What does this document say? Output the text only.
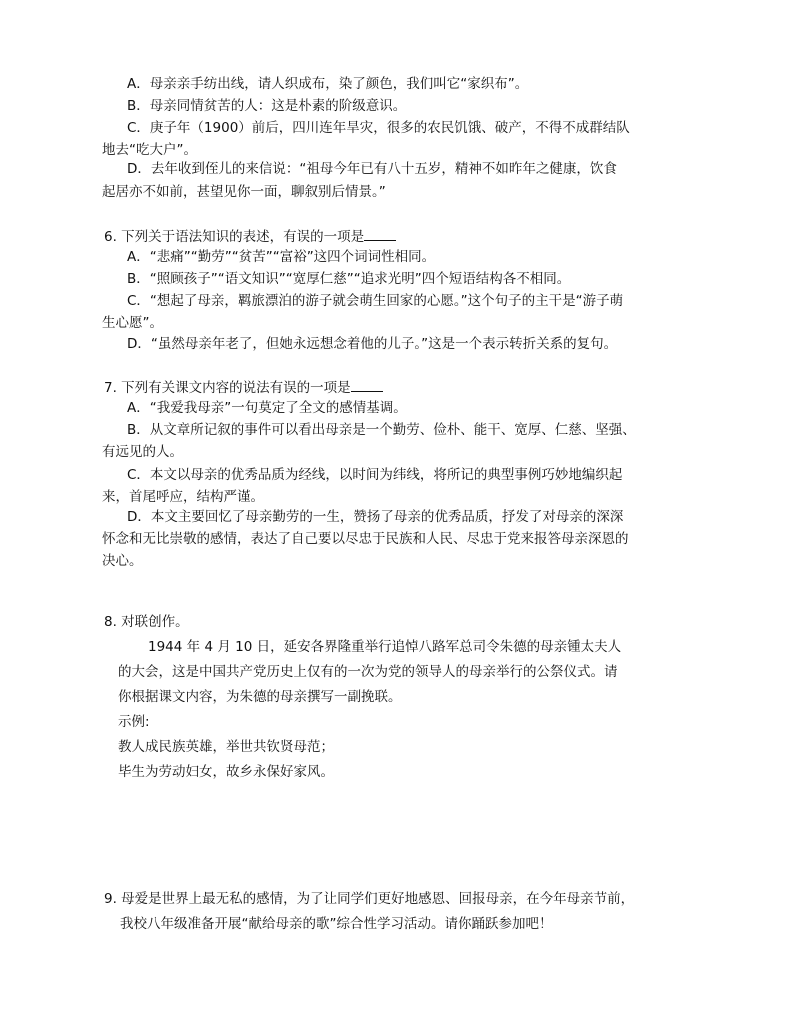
A．母亲亲手纺出线，请人织成布，染了颜色，我们叫它“家织布”。
B．母亲同情贫苦的人：这是朴素的阶级意识。
C．庚子年（1900）前后，四川连年旱灾，很多的农民饥饿、破产，不得不成群结队
地去“吃大户”。
D．去年收到侄儿的来信说：“祖母今年已有八十五岁，精神不如昨年之健康，饮食
起居亦不如前，甚望见你一面，聊叙别后情景。”
6. 下列关于语法知识的表述，有误的一项是
A．“悲痛”“勤劳”“贫苦”“富裕”这四个词词性相同。
B．“照顾孩子”“语文知识”“宽厚仁慈”“追求光明”四个短语结构各不相同。
C．“想起了母亲，羁旅漂泊的游子就会萌生回家的心愿。”这个句子的主干是“游子萌
生心愿”。
D．“虽然母亲年老了，但她永远想念着他的儿子。”这是一个表示转折关系的复句。
7. 下列有关课文内容的说法有误的一项是
A．“我爱我母亲”一句莫定了全文的感情基调。
B．从文章所记叙的事件可以看出母亲是一个勤劳、俭朴、能干、宽厚、仁慈、坚强、
有远见的人。
C．本文以母亲的优秀品质为经线，以时间为纬线，将所记的典型事例巧妙地编织起
来，首尾呼应，结构严谨。
D．本文主要回忆了母亲勤劳的一生，赞扬了母亲的优秀品质，抒发了对母亲的深深
怀念和无比崇敬的感情，表达了自己要以尽忠于民族和人民、尽忠于党来报答母亲深恩的
决心。
8. 对联创作。
1944 年 4 月 10 日，延安各界隆重举行追悼八路军总司令朱德的母亲锺太夫人
的大会，这是中国共产党历史上仅有的一次为党的领导人的母亲举行的公祭仪式。请
你根据课文内容，为朱德的母亲撰写一副挽联。
示例:
教人成民族英雄，举世共钦贤母范；
毕生为劳动妇女，故乡永保好家风。
9. 母爱是世界上最无私的感情，为了让同学们更好地感恩、回报母亲，在今年母亲节前，
我校八年级准备开展“献给母亲的歌”综合性学习活动。请你踊跃参加吧！
